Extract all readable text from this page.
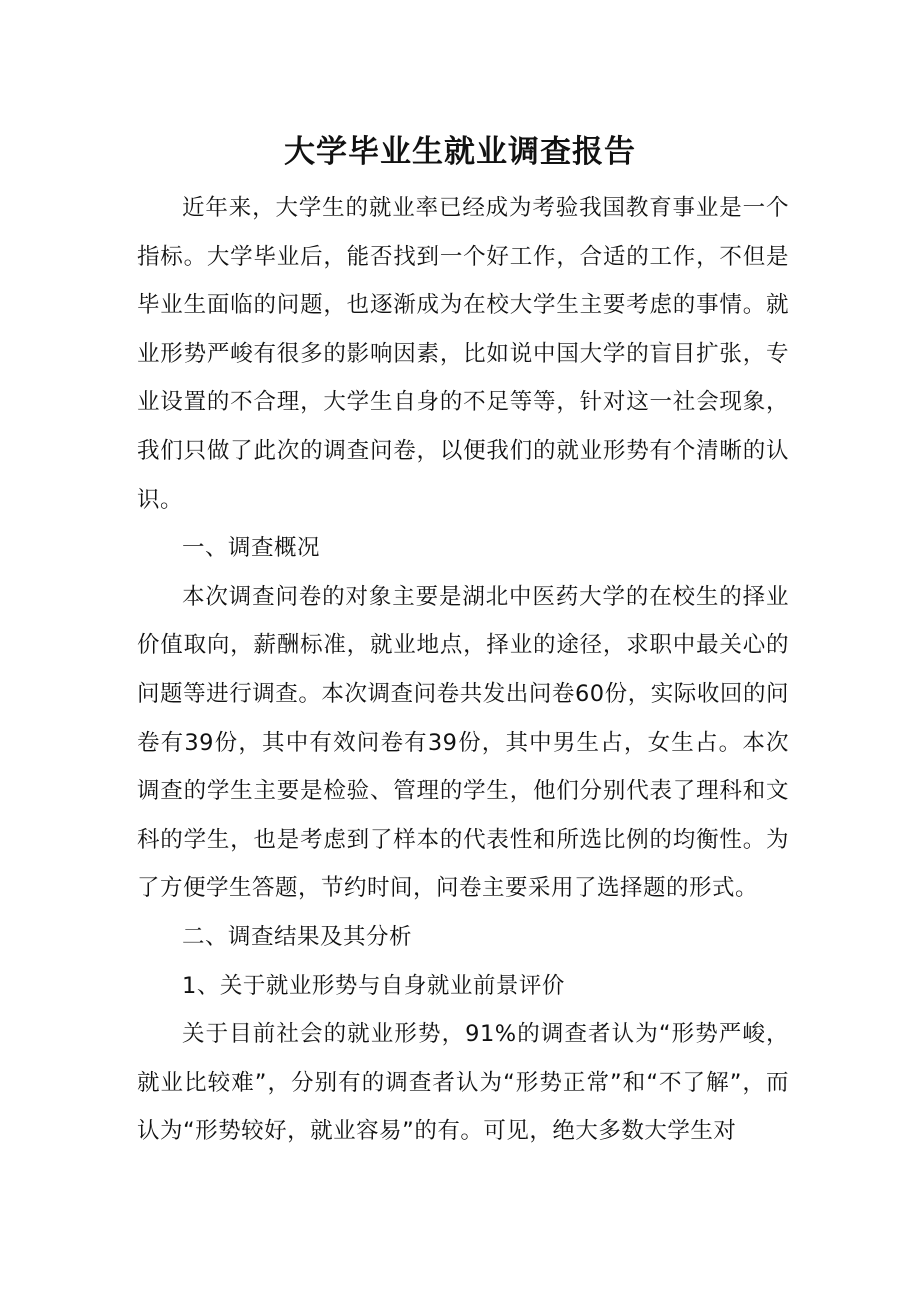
大学毕业生就业调查报告

近年来，大学生的就业率已经成为考验我国教育事业是一个指标。大学毕业后，能否找到一个好工作，合适的工作，不但是毕业生面临的问题，也逐渐成为在校大学生主要考虑的事情。就业形势严峻有很多的影响因素，比如说中国大学的盲目扩张，专业设置的不合理，大学生自身的不足等等，针对这一社会现象，我们只做了此次的调查问卷，以便我们的就业形势有个清晰的认识。

一、调查概况

本次调查问卷的对象主要是湖北中医药大学的在校生的择业价值取向，薪酬标准，就业地点，择业的途径，求职中最关心的问题等进行调查。本次调查问卷共发出问卷60份，实际收回的问卷有39份，其中有效问卷有39份，其中男生占，女生占。本次调查的学生主要是检验、管理的学生，他们分别代表了理科和文科的学生，也是考虑到了样本的代表性和所选比例的均衡性。为了方便学生答题，节约时间，问卷主要采用了选择题的形式。

二、调查结果及其分析

1、关于就业形势与自身就业前景评价

关于目前社会的就业形势，91%的调查者认为“形势严峻，就业比较难”，分别有的调查者认为“形势正常”和“不了解”，而认为“形势较好，就业容易”的有。可见，绝大多数大学生对
